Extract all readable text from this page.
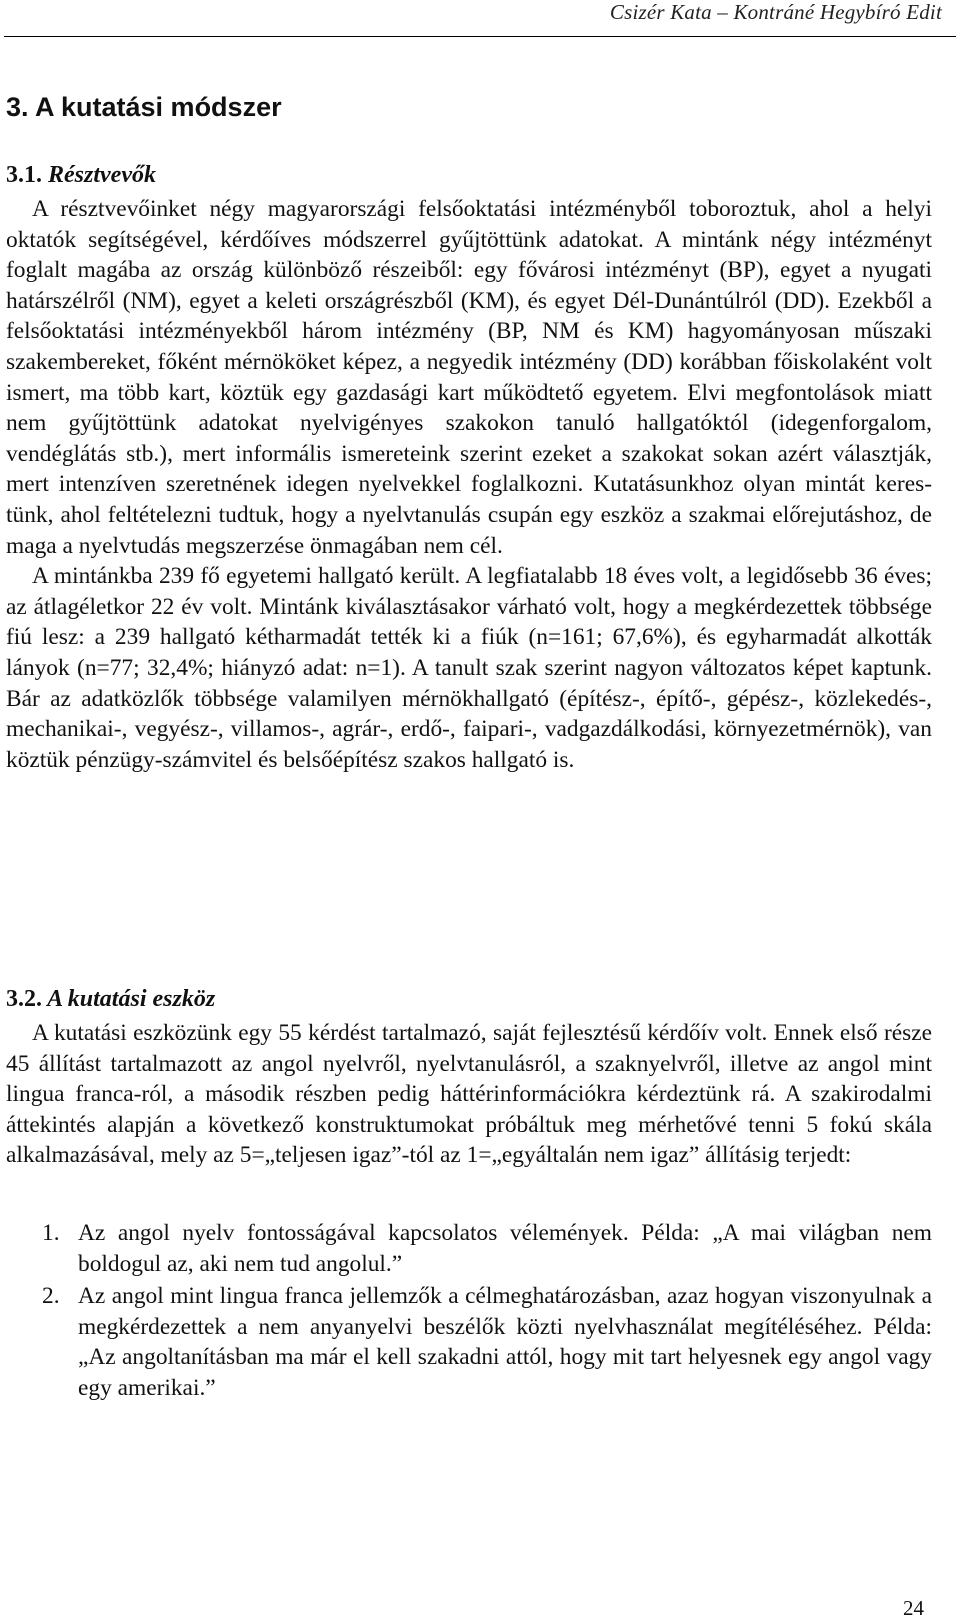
Csizér Kata – Kontráné Hegybíró Edit
3. A kutatási módszer
3.1. Résztvevők

A résztvevőinket négy magyarországi felsőoktatási intézményből toboroztuk, ahol a helyi oktatók segítségével, kérdőíves módszerrel gyűjtöttünk adatokat. A mintánk négy intézményt foglalt magába az ország különböző részeiből: egy fővárosi intézményt (BP), egyet a nyugati határszélről (NM), egyet a keleti országrészből (KM), és egyet Dél-Dunántúlról (DD). Ezekből a felsőoktatási intézményekből három intézmény (BP, NM és KM) hagyományosan műszaki szakembereket, főként mérnököket képez, a negyedik intézmény (DD) korábban főiskolaként volt ismert, ma több kart, köztük egy gazdasági kart működtető egyetem. Elvi megfontolások miatt nem gyűjtöttünk adatokat nyelvigényes szakokon tanuló hallgatóktól (idegenforgalom, vendéglátás stb.), mert informális ismereteink szerint ezeket a szakokat sokan azért választják, mert intenzíven szeretnének idegen nyelvekkel foglalkozni. Kutatásunkhoz olyan mintát kerestünk, ahol feltételezni tudtuk, hogy a nyelvtanulás csupán egy eszköz a szakmai előrejutáshoz, de maga a nyelvtudás megszerzése önmagában nem cél.

A mintánkba 239 fő egyetemi hallgató került. A legfiatalabb 18 éves volt, a legidősebb 36 éves; az átlagéletkor 22 év volt. Mintánk kiválasztásakor várható volt, hogy a megkérdezettek többsége fiú lesz: a 239 hallgató kétharmadát tették ki a fiúk (n=161; 67,6%), és egyharmadát alkották lányok (n=77; 32,4%; hiányzó adat: n=1). A tanult szak szerint nagyon változatos képet kaptunk. Bár az adatközlők többsége valamilyen mérnökhallgató (építész-, építő-, gépész-, közlekedés-, mechanikai-, vegyész-, villamos-, agrár-, erdő-, faipari-, vadgazdálkodási, környezetmérnök), van köztük pénzügy-számvitel és belsőépítész szakos hallgató is.

3.2. A kutatási eszköz

A kutatási eszközünk egy 55 kérdést tartalmazó, saját fejlesztésű kérdőív volt. Ennek első része 45 állítást tartalmazott az angol nyelvről, nyelvtanulásról, a szaknyelvről, illetve az angol mint lingua franca-ról, a második részben pedig háttérinformációkra kérdeztünk rá. A szakirodalmi áttekintés alapján a következő konstruktumokat próbáltuk meg mérhetővé tenni 5 fokú skála alkalmazásával, mely az 5=„teljesen igaz”-tól az 1=„egyáltalán nem igaz” állításig terjedt:

1. Az angol nyelv fontosságával kapcsolatos vélemények. Példa: „A mai világban nem boldogul az, aki nem tud angolul.”
2. Az angol mint lingua franca jellemzők a célmeghatározásban, azaz hogyan viszonyulnak a megkérdezettek a nem anyanyelvi beszélők közti nyelvhasználat megítéléséhez. Példa: „Az angoltanításban ma már el kell szakadni attól, hogy mit tart helyesnek egy angol vagy egy amerikai.”
24
